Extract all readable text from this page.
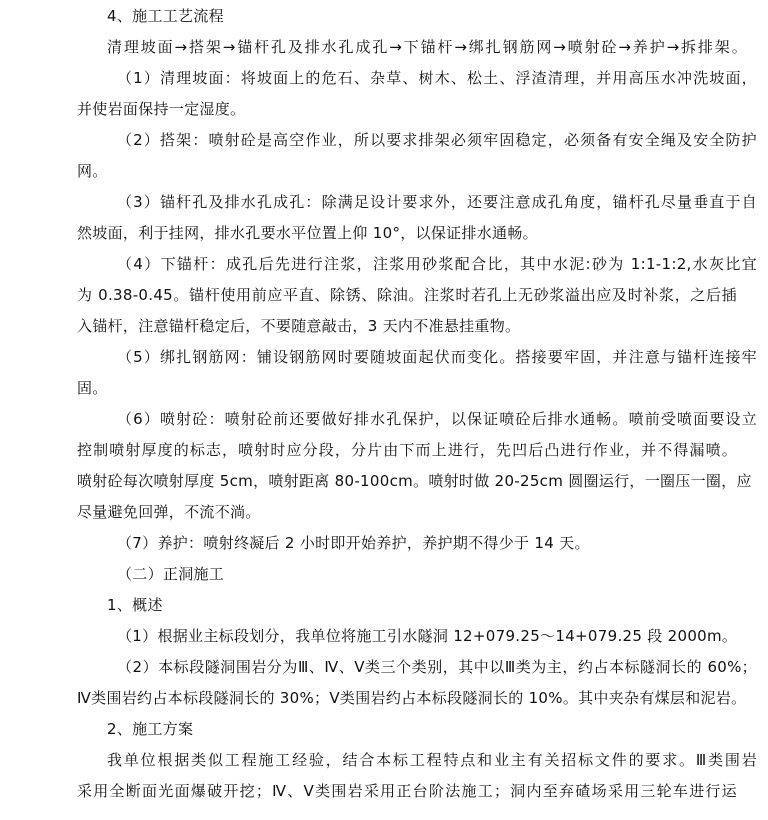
4、施工工艺流程
清理坡面→搭架→锚杆孔及排水孔成孔→下锚杆→绑扎钢筋网→喷射砼→养护→拆排架。
（1）清理坡面：将坡面上的危石、杂草、树木、松土、浮渣清理，并用高压水冲洗坡面，
并使岩面保持一定湿度。
（2）搭架：喷射砼是高空作业，所以要求排架必须牢固稳定，必须备有安全绳及安全防护
网。
（3）锚杆孔及排水孔成孔：除满足设计要求外，还要注意成孔角度，锚杆孔尽量垂直于自
然坡面，利于挂网，排水孔要水平位置上仰 10°，以保证排水通畅。
（4）下锚杆：成孔后先进行注浆，注浆用砂浆配合比，其中水泥:砂为 1:1-1:2,水灰比宜
为 0.38-0.45。锚杆使用前应平直、除锈、除油。注浆时若孔上无砂浆溢出应及时补浆，之后插
入锚杆，注意锚杆稳定后，不要随意敲击，3 天内不准悬挂重物。
（5）绑扎钢筋网：铺设钢筋网时要随坡面起伏而变化。搭接要牢固，并注意与锚杆连接牢
固。
（6）喷射砼：喷射砼前还要做好排水孔保护，以保证喷砼后排水通畅。喷前受喷面要设立
控制喷射厚度的标志，喷射时应分段，分片由下而上进行，先凹后凸进行作业，并不得漏喷。
喷射砼每次喷射厚度 5cm，喷射距离 80-100cm。喷射时做 20-25cm 圆圈运行，一圈压一圈，应
尽量避免回弹，不流不淌。
（7）养护：喷射终凝后 2 小时即开始养护，养护期不得少于 14 天。
（二）正洞施工
1、概述
（1）根据业主标段划分，我单位将施工引水隧洞 12+079.25～14+079.25 段 2000m。
（2）本标段隧洞围岩分为Ⅲ、Ⅳ、Ⅴ类三个类别，其中以Ⅲ类为主，约占本标隧洞长的 60%；
Ⅳ类围岩约占本标段隧洞长的 30%；Ⅴ类围岩约占本标段隧洞长的 10%。其中夹杂有煤层和泥岩。
2、施工方案
我单位根据类似工程施工经验，结合本标工程特点和业主有关招标文件的要求。Ⅲ类围岩
采用全断面光面爆破开挖；Ⅳ、Ⅴ类围岩采用正台阶法施工；洞内至弃碴场采用三轮车进行运
